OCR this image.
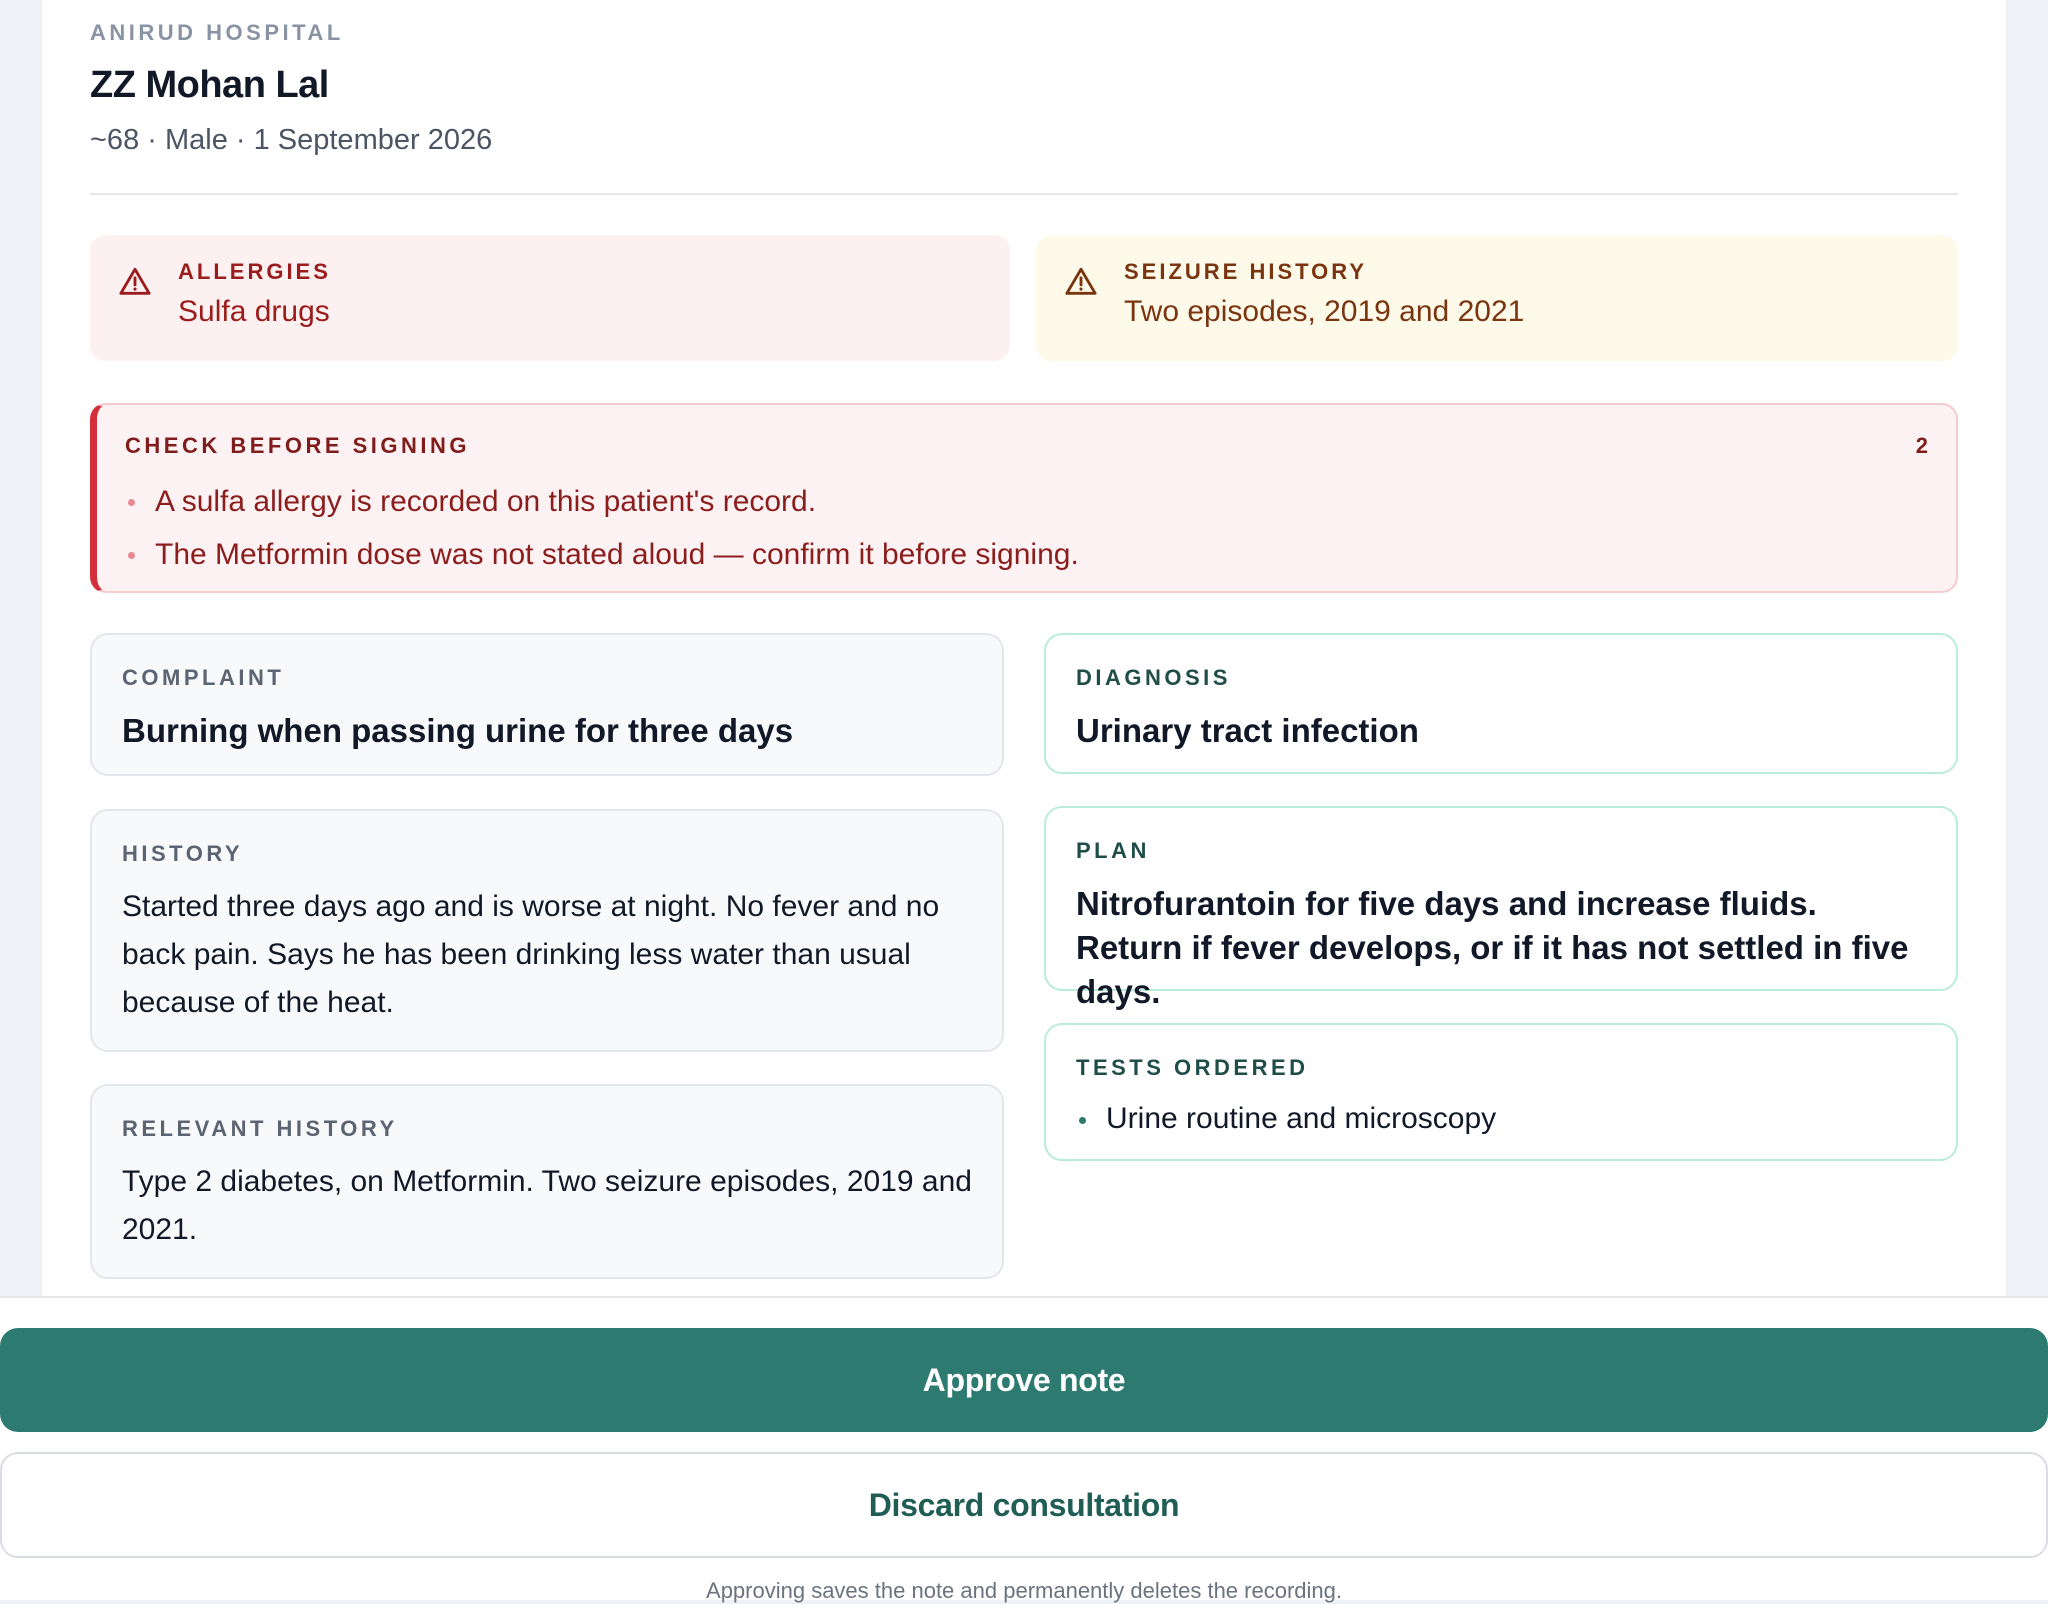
ANIRUD HOSPITAL
ZZ Mohan Lal
~68 · Male · 1 September 2026
ALLERGIES
Sulfa drugs
SEIZURE HISTORY
Two episodes, 2019 and 2021
CHECK BEFORE SIGNING	2
A sulfa allergy is recorded on this patient's record.
The Metformin dose was not stated aloud — confirm it before signing.
COMPLAINT
Burning when passing urine for three days
HISTORY
Started three days ago and is worse at night. No fever and no back pain. Says he has been drinking less water than usual because of the heat.
RELEVANT HISTORY
Type 2 diabetes, on Metformin. Two seizure episodes, 2019 and 2021.
DIAGNOSIS
Urinary tract infection
PLAN
Nitrofurantoin for five days and increase fluids. Return if fever develops, or if it has not settled in five days.
TESTS ORDERED
Urine routine and microscopy
Approve note
Discard consultation
Approving saves the note and permanently deletes the recording.
